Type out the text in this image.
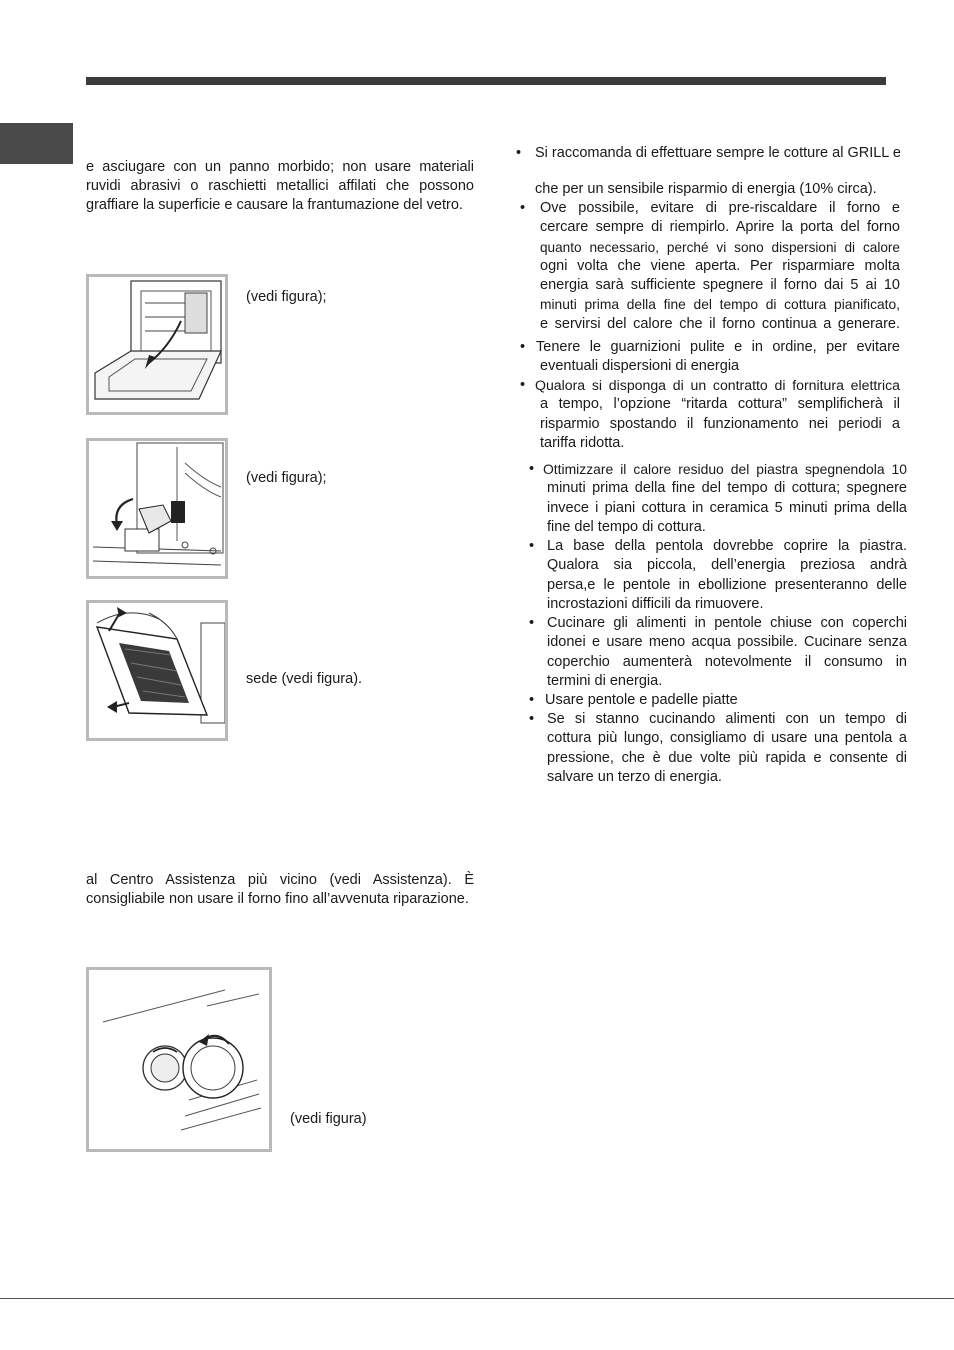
e asciugare con un panno morbido; non usare materiali
ruvidi abrasivi o raschietti metallici affilati che possono
graffiare la superficie e causare la frantumazione del vetro.

(vedi figura);
(vedi figura);
sede (vedi figura).

al Centro Assistenza più vicino (vedi Assistenza). È
consigliabile non usare il forno fino all’avvenuta riparazione.

(vedi figura)
• Si raccomanda di effettuare sempre le cotture al GRILL e
che per un sensibile risparmio di energia (10% circa).
• Ove possibile, evitare di pre-riscaldare il forno e
cercare sempre di riempirlo. Aprire la porta del forno
quanto necessario, perché vi sono dispersioni di calore
ogni volta che viene aperta. Per risparmiare molta
energia sarà sufficiente spegnere il forno dai 5 ai 10
minuti prima della fine del tempo di cottura pianificato,
e servirsi del calore che il forno continua a generare.
• Tenere le guarnizioni pulite e in ordine, per evitare
eventuali dispersioni di energia
• Qualora si disponga di un contratto di fornitura elettrica
a tempo, l’opzione “ritarda cottura” semplificherà il
risparmio spostando il funzionamento nei periodi a
tariffa ridotta.
• Ottimizzare il calore residuo del piastra spegnendola 10
minuti prima della fine del tempo di cottura; spegnere
invece i piani cottura in ceramica 5 minuti prima della
fine del tempo di cottura.
• La base della pentola dovrebbe coprire la piastra.
Qualora sia piccola, dell’energia preziosa andrà
persa,e le pentole in ebollizione presenteranno delle
incrostazioni difficili da rimuovere.
• Cucinare gli alimenti in pentole chiuse con coperchi
idonei e usare meno acqua possibile. Cucinare senza
coperchio aumenterà notevolmente il consumo in
termini di energia.
• Usare pentole e padelle piatte
• Se si stanno cucinando alimenti con un tempo di
cottura più lungo, consigliamo di usare una pentola a
pressione, che è due volte più rapida e consente di
salvare un terzo di energia.
